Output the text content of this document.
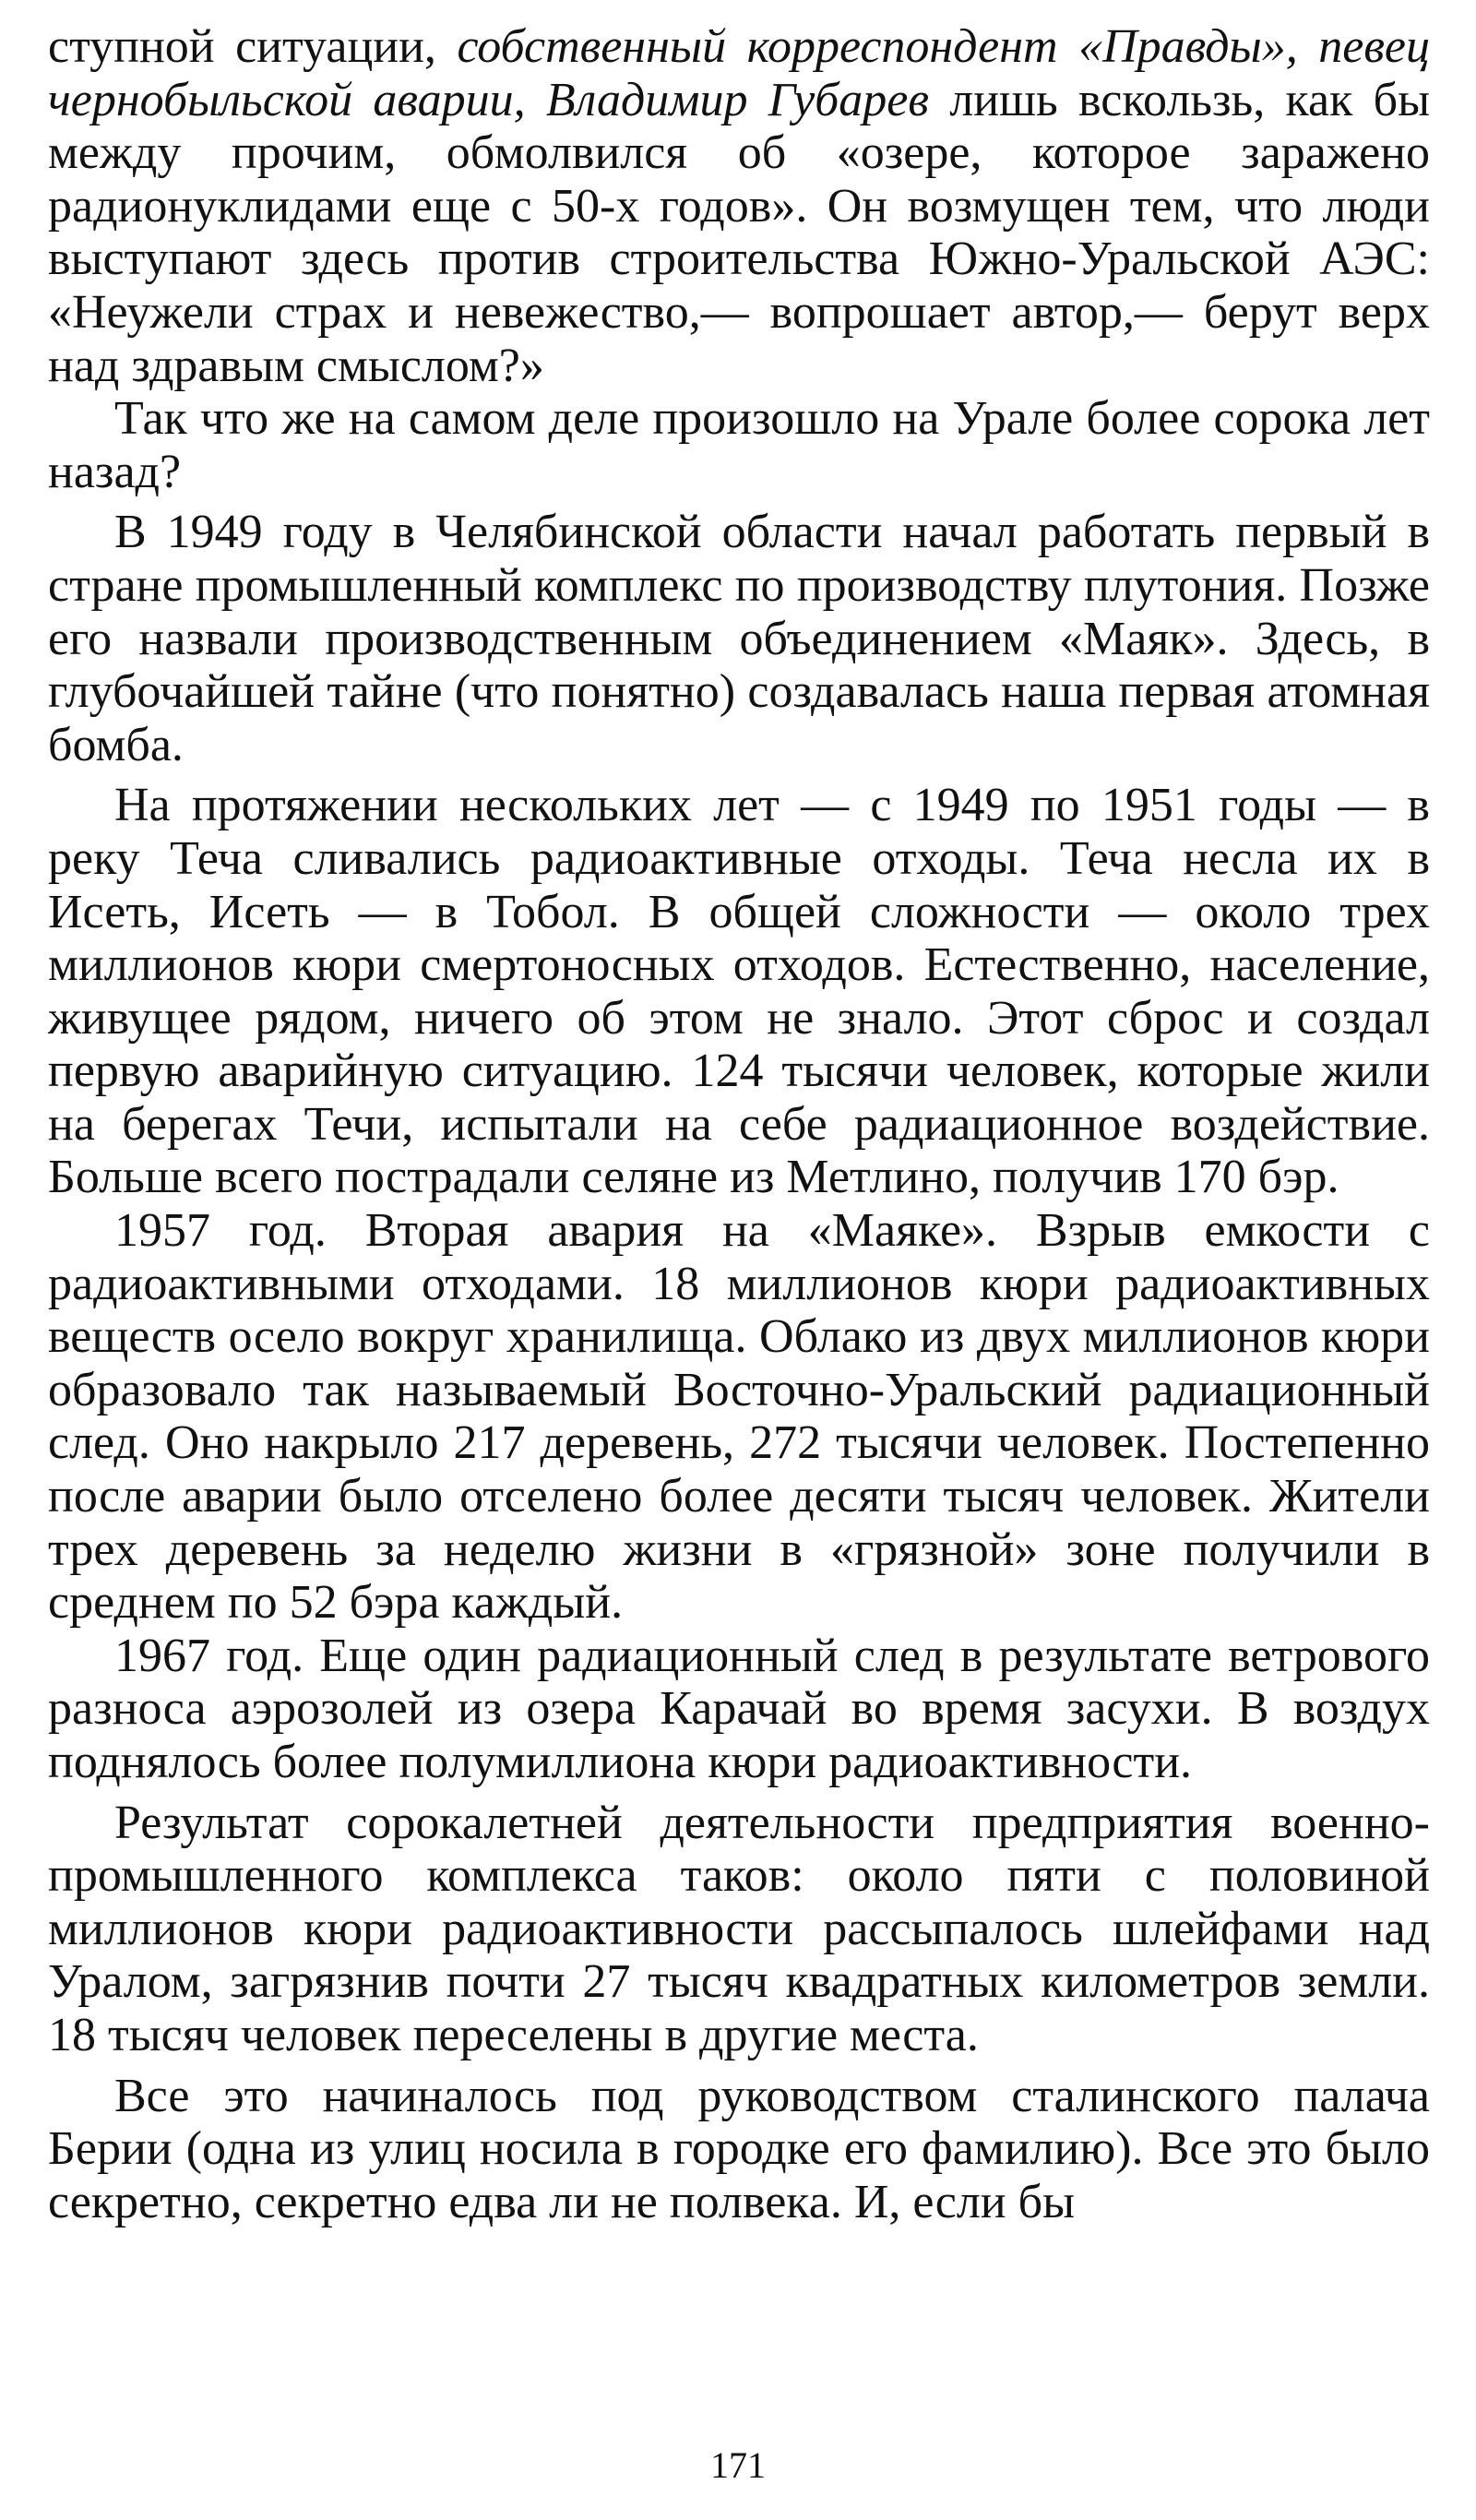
ступной ситуации, собственный корреспондент «Правды», певец чернобыльской аварии, Владимир Губарев лишь вскользь, как бы между прочим, обмолвился об «озере, которое заражено радионуклидами еще с 50-х годов». Он возмущен тем, что люди выступают здесь против строительства Южно-Уральской АЭС: «Неужели страх и невежество,— вопрошает автор,— берут верх над здравым смыслом?»

Так что же на самом деле произошло на Урале более сорока лет назад?

В 1949 году в Челябинской области начал работать первый в стране промышленный комплекс по производству плутония. Позже его назвали производственным объединением «Маяк». Здесь, в глубочайшей тайне (что понятно) создавалась наша первая атомная бомба.

На протяжении нескольких лет — с 1949 по 1951 годы — в реку Теча сливались радиоактивные отходы. Теча несла их в Исеть, Исеть — в Тобол. В общей сложности — около трех миллионов кюри смертоносных отходов. Естественно, население, живущее рядом, ничего об этом не знало. Этот сброс и создал первую аварийную ситуацию. 124 тысячи человек, которые жили на берегах Течи, испытали на себе радиационное воздействие. Больше всего пострадали селяне из Метлино, получив 170 бэр.

1957 год. Вторая авария на «Маяке». Взрыв емкости с радиоактивными отходами. 18 миллионов кюри радиоактивных веществ осело вокруг хранилища. Облако из двух миллионов кюри образовало так называемый Восточно-Уральский радиационный след. Оно накрыло 217 деревень, 272 тысячи человек. Постепенно после аварии было отселено более десяти тысяч человек. Жители трех деревень за неделю жизни в «грязной» зоне получили в среднем по 52 бэра каждый.

1967 год. Еще один радиационный след в результате ветрового разноса аэрозолей из озера Карачай во время засухи. В воздух поднялось более полумиллиона кюри радиоактивности.

Результат сорокалетней деятельности предприятия военно-промышленного комплекса таков: около пяти с половиной миллионов кюри радиоактивности рассыпалось шлейфами над Уралом, загрязнив почти 27 тысяч квадратных километров земли. 18 тысяч человек переселены в другие места.

Все это начиналось под руководством сталинского палача Берии (одна из улиц носила в городке его фамилию). Все это было секретно, секретно едва ли не полвека. И, если бы

171
